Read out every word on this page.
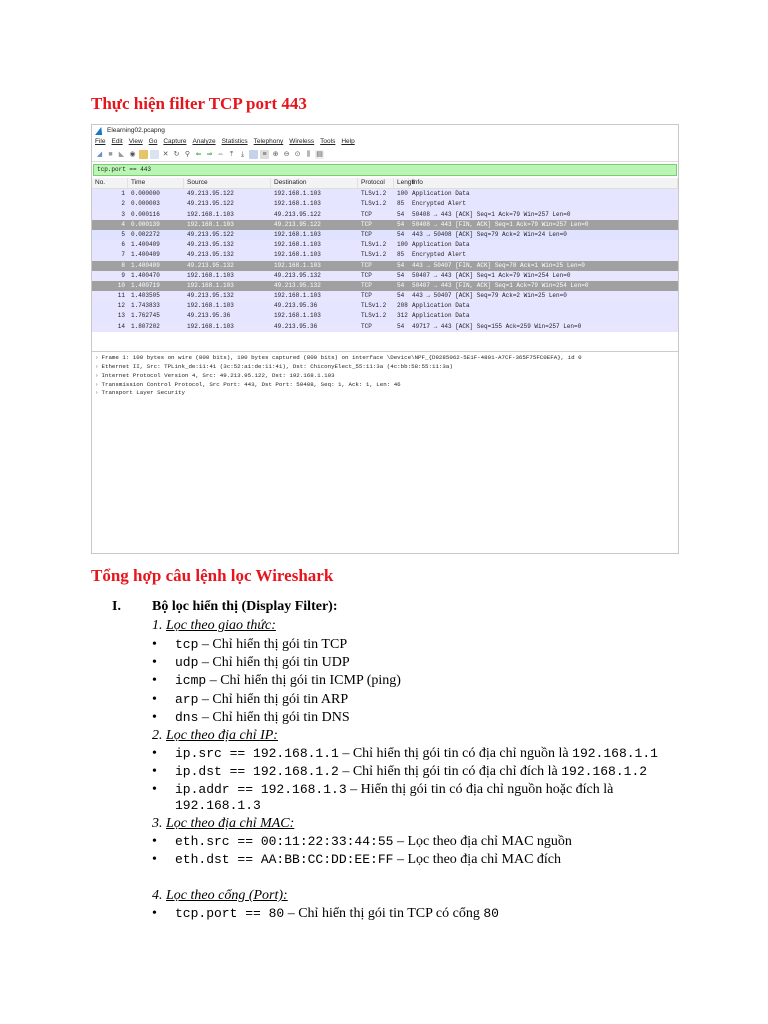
Thực hiện filter TCP port 443
Elearning02.pcapng
File Edit View Go Capture Analyze Statistics Telephony Wireless Tools Help
◢ ■ ◣ ◉	✕ ↻ ⚲ ⇐ ⇒ ⇔ ⤒	⤓	≡ ⊕ ⊖ ⊙ ⫼ ▤
tcp.port == 443
No.	Time	Source	Destination	Protocol	Lengtl
Info
1	0.000000	49.213.95.122	192.168.1.103	TLSv1.2	100 Application Data
2	0.000003	49.213.95.122	192.168.1.103	TLSv1.2	85	Encrypted Alert
3	0.000116	192.168.1.103	49.213.95.122	TCP	54	50408 → 443 [ACK] Seq=1 Ack=79 Win=257 Len=0
4	0.000139	192.168.1.103	49.213.95.122	TCP	54	50408 → 443 [FIN, ACK] Seq=1 Ack=79 Win=257 Len=0
5	0.002272	49.213.95.122	192.168.1.103	TCP	54	443 → 50408 [ACK] Seq=79 Ack=2 Win=24 Len=0
6	1.400409	49.213.95.132	192.168.1.103	TLSv1.2	100 Application Data
7	1.400409	49.213.95.132	192.168.1.103	TLSv1.2	85	Encrypted Alert
8	1.400409	49.213.95.132	192.168.1.103	TCP	54	443 → 50407 [FIN, ACK] Seq=78 Ack=1 Win=25 Len=0
9	1.400470	192.168.1.103	49.213.95.132	TCP	54	50407 → 443 [ACK] Seq=1 Ack=79 Win=254 Len=0
10	1.400719	192.168.1.103	49.213.95.132	TCP	54	50407 → 443 [FIN, ACK] Seq=1 Ack=79 Win=254 Len=0
11	1.403505	49.213.95.132	192.168.1.103	TCP	54	443 → 50407 [ACK] Seq=79 Ack=2 Win=25 Len=0
12	1.743833	192.168.1.103	49.213.95.36	TLSv1.2	208 Application Data
13	1.762745	49.213.95.36	192.168.1.103	TLSv1.2	312 Application Data
14	1.807202	192.168.1.103	49.213.95.36	TCP	54	49717 → 443 [ACK] Seq=155 Ack=259 Win=257 Len=0
› Frame 1: 100 bytes on wire (800 bits), 100 bytes captured (800 bits) on interface \Device\NPF_{D9285062-5E1F-4801-A7CF-365F75FC0EFA}, id 0
› Ethernet II, Src: TPLink_de:11:41 (3c:52:a1:de:11:41), Dst: ChiconyElect_55:11:3a (4c:bb:58:55:11:3a)
› Internet Protocol Version 4, Src: 49.213.95.122, Dst: 192.168.1.103
› Transmission Control Protocol, Src Port: 443, Dst Port: 50408, Seq: 1, Ack: 1, Len: 46
› Transport Layer Security
Tổng hợp câu lệnh lọc Wireshark
I. Bộ lọc hiển thị (Display Filter):
1. Lọc theo giao thức:
• tcp – Chỉ hiển thị gói tin TCP
• udp – Chỉ hiển thị gói tin UDP
• icmp – Chỉ hiển thị gói tin ICMP (ping)
• arp – Chỉ hiển thị gói tin ARP
• dns – Chỉ hiển thị gói tin DNS
2. Lọc theo địa chỉ IP:
• ip.src == 192.168.1.1 – Chỉ hiển thị gói tin có địa chỉ nguồn là 192.168.1.1
• ip.dst == 192.168.1.2 – Chỉ hiển thị gói tin có địa chỉ đích là 192.168.1.2
• ip.addr == 192.168.1.3 – Hiển thị gói tin có địa chỉ nguồn hoặc đích là
192.168.1.3
3. Lọc theo địa chỉ MAC:
• eth.src == 00:11:22:33:44:55 – Lọc theo địa chỉ MAC nguồn
• eth.dst == AA:BB:CC:DD:EE:FF – Lọc theo địa chỉ MAC đích
4. Lọc theo cổng (Port):
• tcp.port == 80 – Chỉ hiển thị gói tin TCP có cổng 80
